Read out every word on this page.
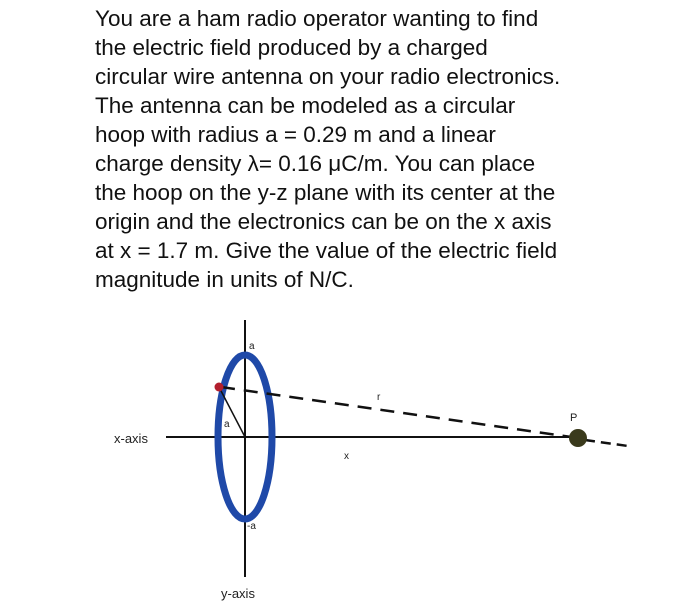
You are a ham radio operator wanting to find
the electric field produced by a charged
circular wire antenna on your radio electronics.
The antenna can be modeled as a circular
hoop with radius a = 0.29 m and a linear
charge density λ= 0.16 μC/m. You can place
the hoop on the y-z plane with its center at the
origin and the electronics can be on the x axis
at x = 1.7 m. Give the value of the electric field
magnitude in units of N/C.
x-axis
y-axis
a
a
-a
r
x
P
